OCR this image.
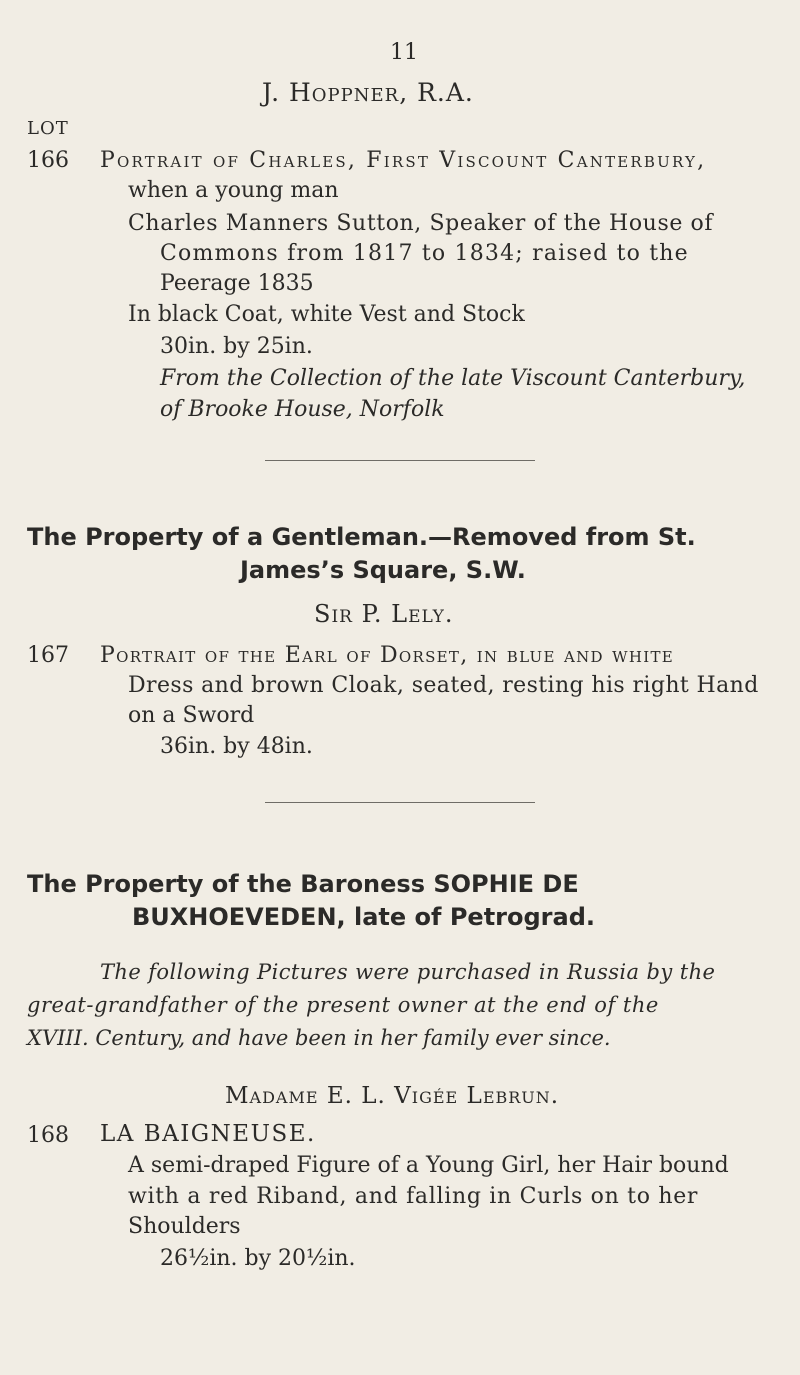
11
J. Hoppner, R.A.
LOT
166 Portrait of Charles, First Viscount Canterbury,
when a young man
Charles Manners Sutton, Speaker of the House of
Commons from 1817 to 1834; raised to the
Peerage 1835
In black Coat, white Vest and Stock
30in. by 25in.
From the Collection of the late Viscount Canterbury,
of Brooke House, Norfolk
The Property of a Gentleman.—Removed from St.
James’s Square, S.W.
Sir P. Lely.
167 Portrait of the Earl of Dorset, in blue and white
Dress and brown Cloak, seated, resting his right Hand
on a Sword
36in. by 48in.
The Property of the Baroness SOPHIE DE
BUXHOEVEDEN, late of Petrograd.
The following Pictures were purchased in Russia by the
great-grandfather of the present owner at the end of the
XVIII. Century, and have been in her family ever since.
Madame E. L. Vigée Lebrun.
168 LA BAIGNEUSE.
A semi-draped Figure of a Young Girl, her Hair bound
with a red Riband, and falling in Curls on to her
Shoulders
26½in. by 20½in.
